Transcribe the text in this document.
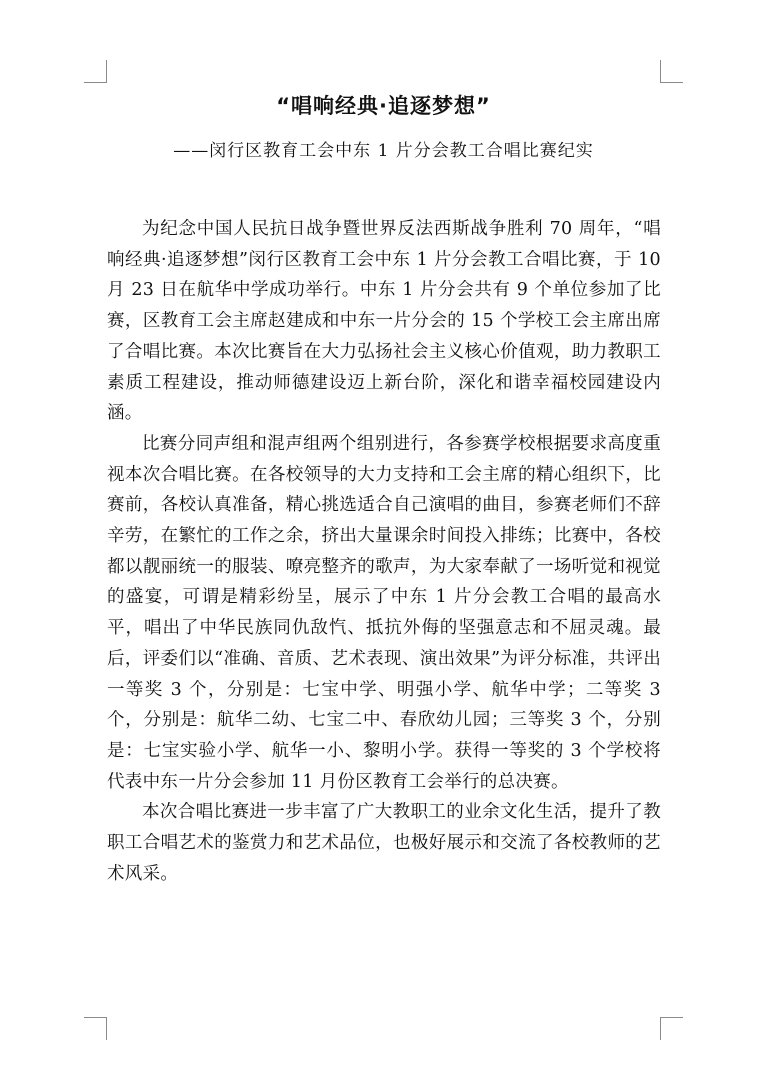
“唱响经典·追逐梦想”

——闵行区教育工会中东 1 片分会教工合唱比赛纪实

为纪念中国人民抗日战争暨世界反法西斯战争胜利 70 周年，“唱响经典·追逐梦想”闵行区教育工会中东 1 片分会教工合唱比赛，于 10 月 23 日在航华中学成功举行。中东 1 片分会共有 9 个单位参加了比赛，区教育工会主席赵建成和中东一片分会的 15 个学校工会主席出席了合唱比赛。本次比赛旨在大力弘扬社会主义核心价值观，助力教职工素质工程建设，推动师德建设迈上新台阶，深化和谐幸福校园建设内涵。

比赛分同声组和混声组两个组别进行，各参赛学校根据要求高度重视本次合唱比赛。在各校领导的大力支持和工会主席的精心组织下，比赛前，各校认真准备，精心挑选适合自己演唱的曲目，参赛老师们不辞辛劳，在繁忙的工作之余，挤出大量课余时间投入排练；比赛中，各校都以靓丽统一的服装、嘹亮整齐的歌声，为大家奉献了一场听觉和视觉的盛宴，可谓是精彩纷呈，展示了中东 1 片分会教工合唱的最高水平，唱出了中华民族同仇敌忾、抵抗外侮的坚强意志和不屈灵魂。最后，评委们以“准确、音质、艺术表现、演出效果”为评分标准，共评出一等奖 3 个，分别是：七宝中学、明强小学、航华中学；二等奖 3 个，分别是：航华二幼、七宝二中、春欣幼儿园；三等奖 3 个，分别是：七宝实验小学、航华一小、黎明小学。获得一等奖的 3 个学校将代表中东一片分会参加 11 月份区教育工会举行的总决赛。

本次合唱比赛进一步丰富了广大教职工的业余文化生活，提升了教职工合唱艺术的鉴赏力和艺术品位，也极好展示和交流了各校教师的艺术风采。
